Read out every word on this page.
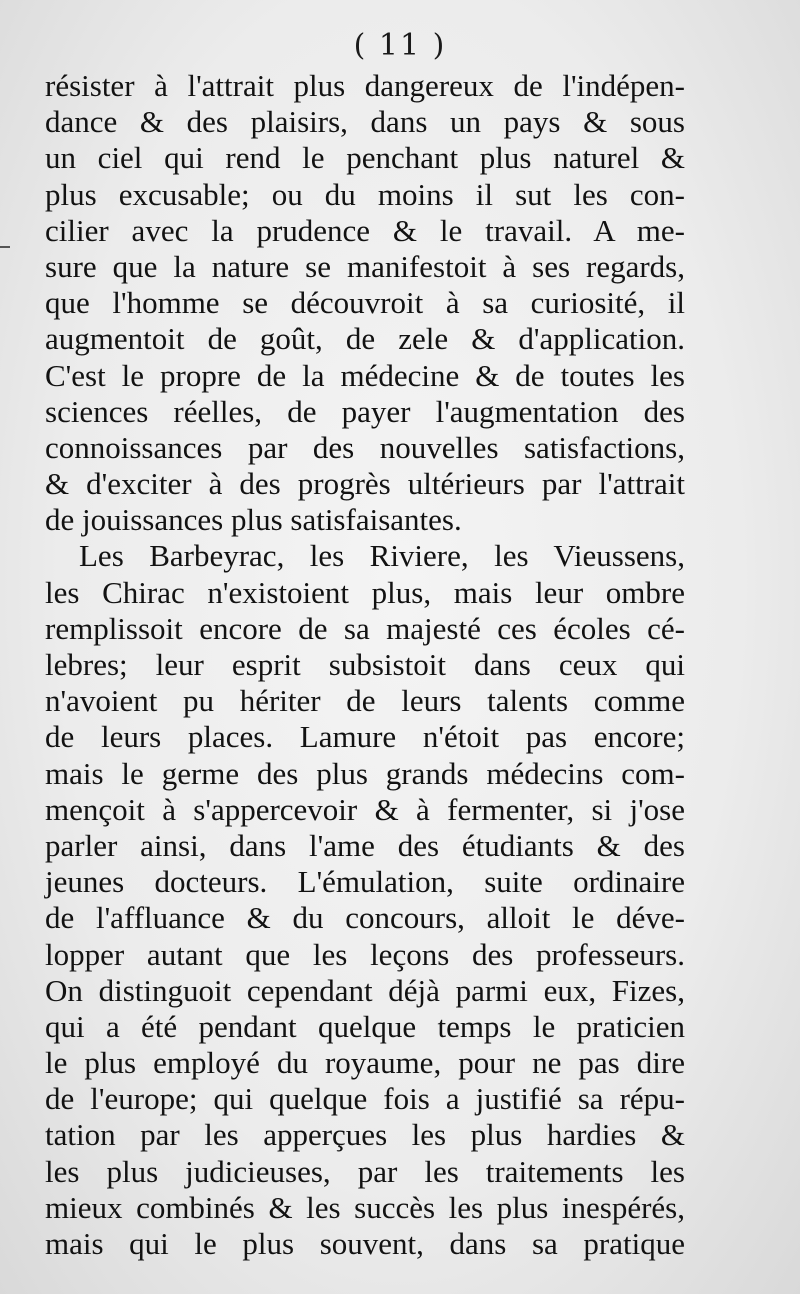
( 11 )
résister à l'attrait plus dangereux de l'indépen-
dance & des plaisirs, dans un pays & sous
un ciel qui rend le penchant plus naturel &
plus excusable; ou du moins il sut les con-
cilier avec la prudence & le travail. A me-
sure que la nature se manifestoit à ses regards,
que l'homme se découvroit à sa curiosité, il
augmentoit de goût, de zele & d'application.
C'est le propre de la médecine & de toutes les
sciences réelles, de payer l'augmentation des
connoissances par des nouvelles satisfactions,
& d'exciter à des progrès ultérieurs par l'attrait
de jouissances plus satisfaisantes.
Les Barbeyrac, les Riviere, les Vieussens,
les Chirac n'existoient plus, mais leur ombre
remplissoit encore de sa majesté ces écoles cé-
lebres; leur esprit subsistoit dans ceux qui
n'avoient pu hériter de leurs talents comme
de leurs places. Lamure n'étoit pas encore;
mais le germe des plus grands médecins com-
mençoit à s'appercevoir & à fermenter, si j'ose
parler ainsi, dans l'ame des étudiants & des
jeunes docteurs. L'émulation, suite ordinaire
de l'affluance & du concours, alloit le déve-
lopper autant que les leçons des professeurs.
On distinguoit cependant déjà parmi eux, Fizes,
qui a été pendant quelque temps le praticien
le plus employé du royaume, pour ne pas dire
de l'europe; qui quelque fois a justifié sa répu-
tation par les apperçues les plus hardies &
les plus judicieuses, par les traitements les
mieux combinés & les succès les plus inespérés,
mais qui le plus souvent, dans sa pratique
